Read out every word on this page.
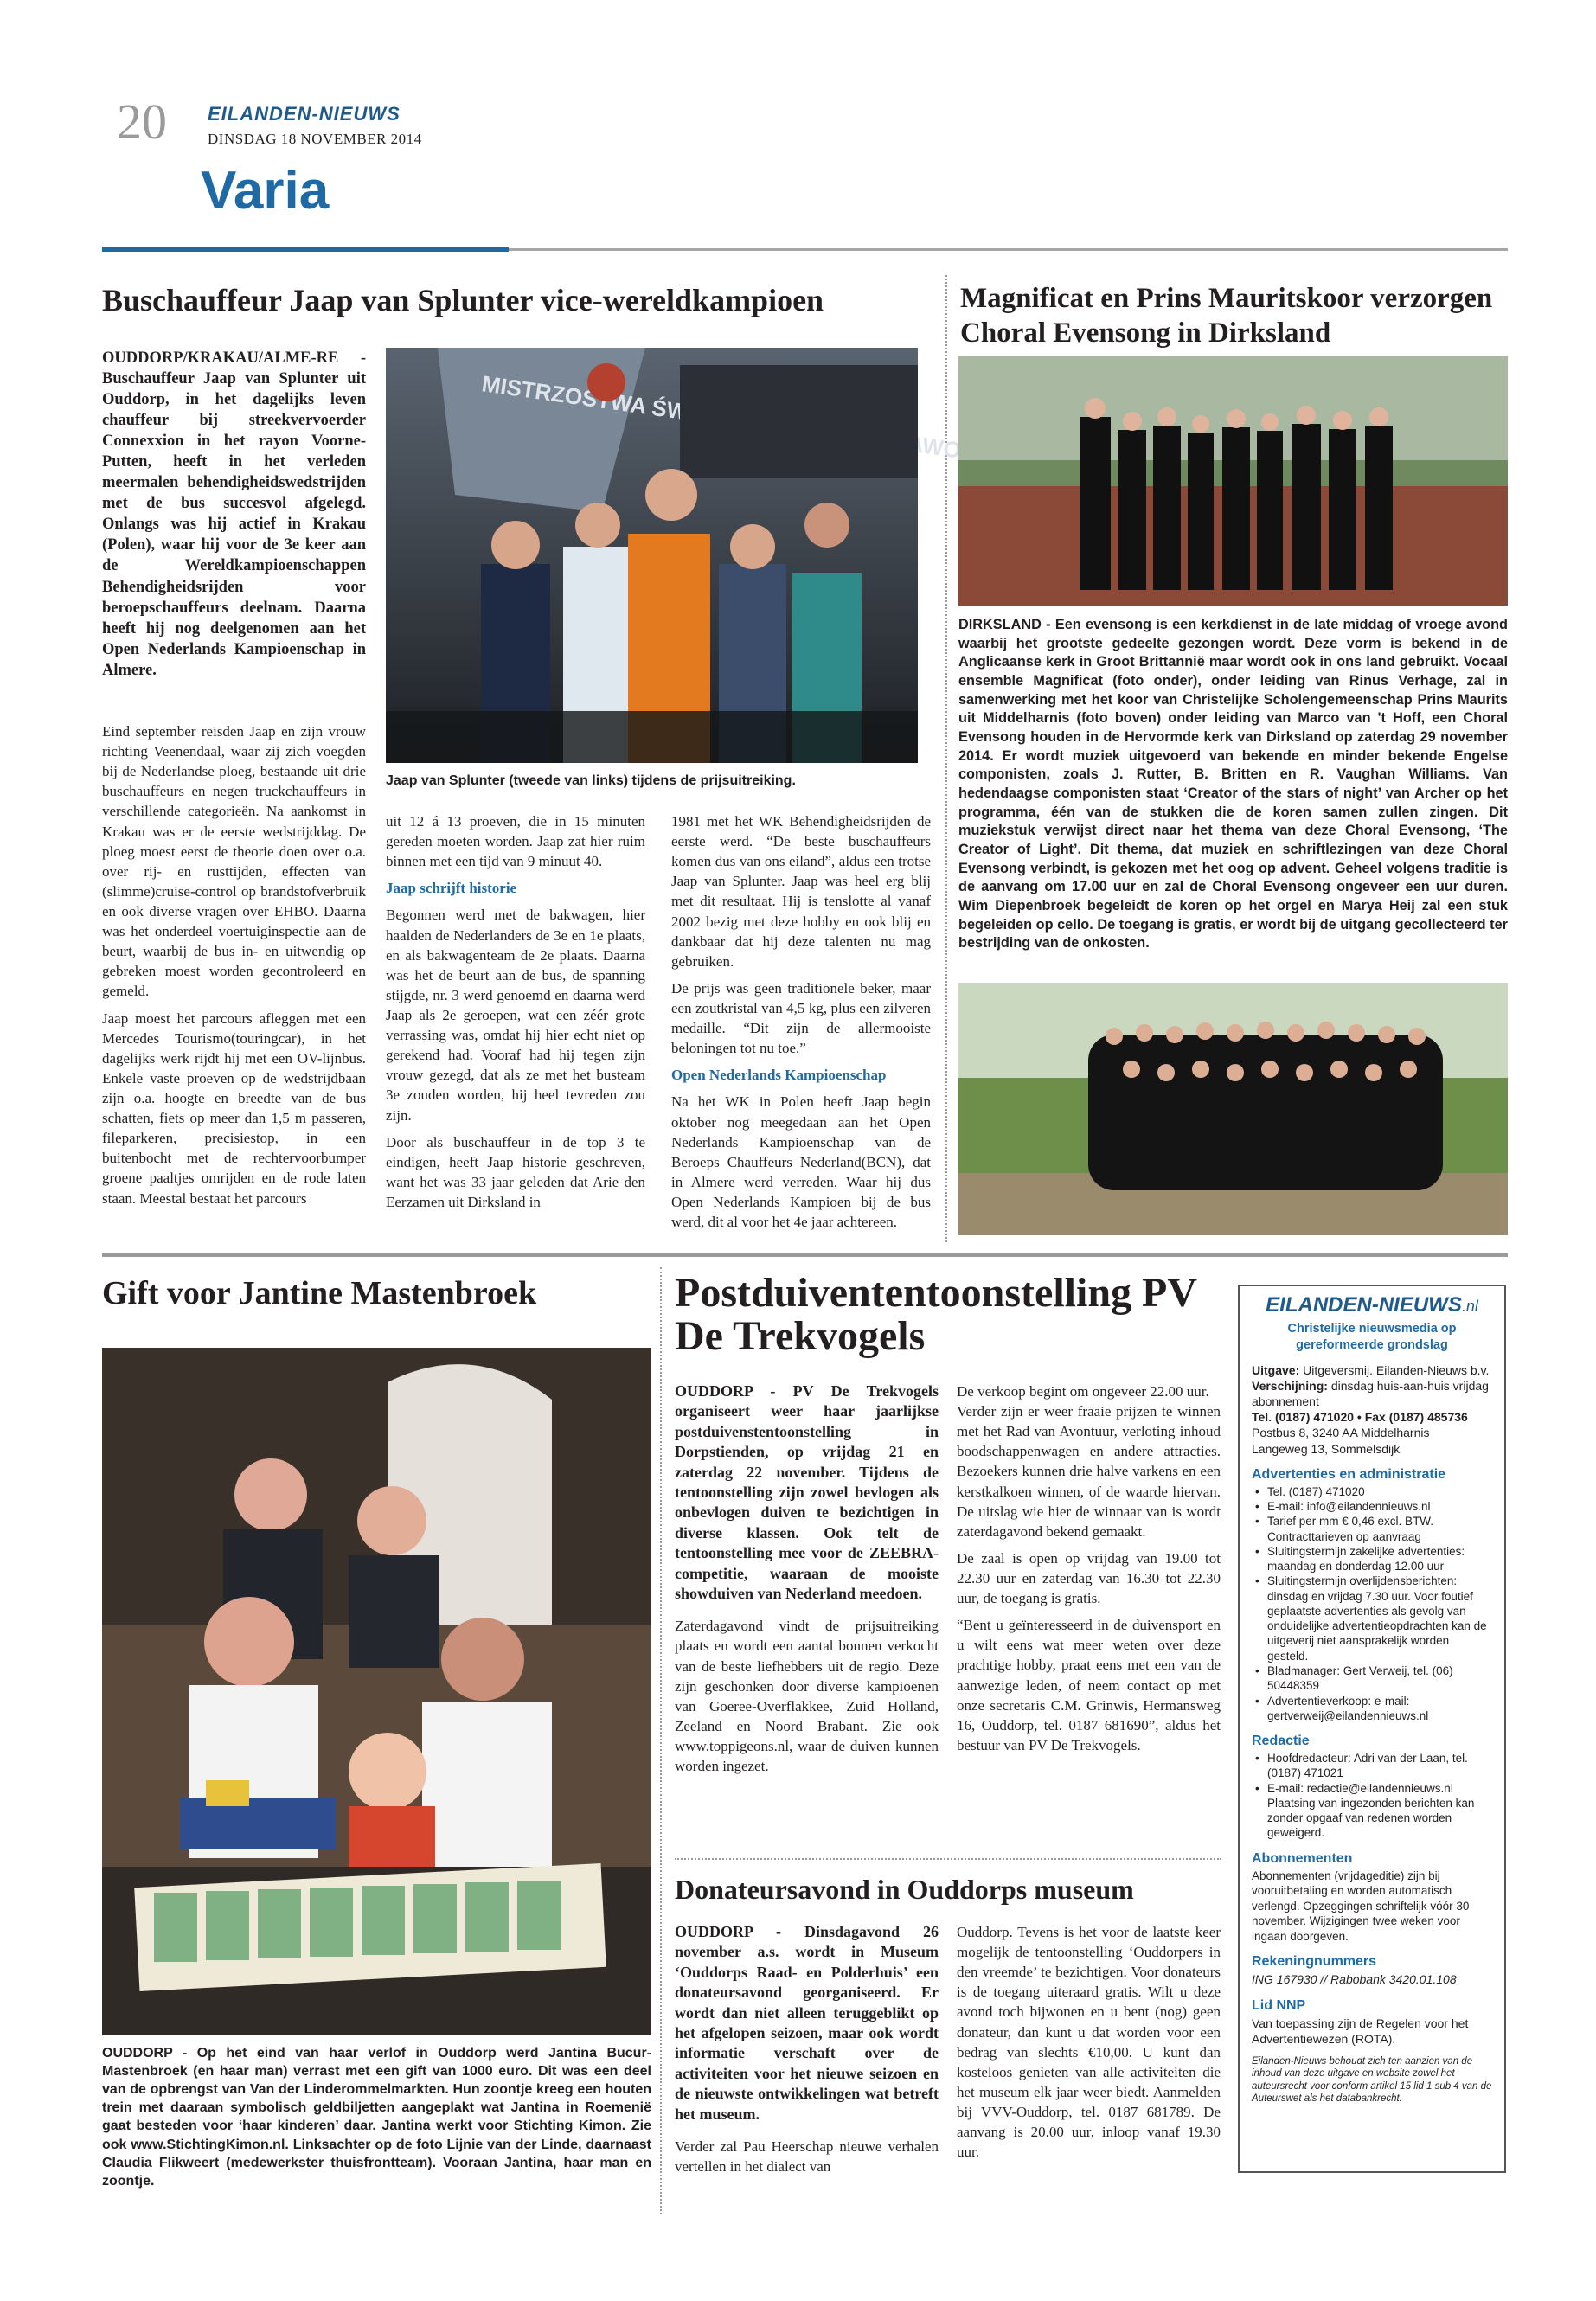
20 EILANDEN-NIEUWS
DINSDAG 18 NOVEMBER 2014
Varia
Buschauffeur Jaap van Splunter vice-wereldkampioen
OUDDORP/KRAKAU/ALME-RE - Buschauffeur Jaap van Splunter uit Ouddorp, in het dagelijks leven chauffeur bij streekvervoerder Connexxion in het rayon Voorne-Putten, heeft in het verleden meermalen behendigheidswedstrijden met de bus succesvol afgelegd. Onlangs was hij actief in Krakau (Polen), waar hij voor de 3e keer aan de Wereldkampioenschappen Behendigheidsrijden voor beroepschauffeurs deelnam. Daarna heeft hij nog deelgenomen aan het Open Nederlands Kampioenschap in Almere.

Eind september reisden Jaap en zijn vrouw richting Veenendaal, waar zij zich voegden bij de Nederlandse ploeg, bestaande uit drie buschauffeurs en negen truckchauffeurs in verschillende categorieën. Na aankomst in Krakau was er de eerste wedstrijddag. De ploeg moest eerst de theorie doen over o.a. over rij- en rusttijden, effecten van (slimme)cruise-control op brandstofverbruik en ook diverse vragen over EHBO. Daarna was het onderdeel voertuiginspectie aan de beurt, waarbij de bus in- en uitwendig op gebreken moest worden gecontroleerd en gemeld.

Jaap moest het parcours afleggen met een Mercedes Tourismo(touringcar), in het dagelijks werk rijdt hij met een OV-lijnbus. Enkele vaste proeven op de wedstrijdbaan zijn o.a. hoogte en breedte van de bus schatten, fiets op meer dan 1,5 m passeren, fileparkeren, precisiestop, in een buitenbocht met de rechtervoorbumper groene paaltjes omrijden en de rode laten staan. Meestal bestaat het parcours

MISTRZOSTWA
Jaap van Splunter (tweede van links) tijdens de prijsuitreiking.

uit 12 á 13 proeven, die in 15 minuten gereden moeten worden. Jaap zat hier ruim binnen met een tijd van 9 minuut 40.

Jaap schrijft historie

Begonnen werd met de bakwagen, hier haalden de Nederlanders de 3e en 1e plaats, en als bakwagenteam de 2e plaats. Daarna was het de beurt aan de bus, de spanning stijgde, nr. 3 werd genoemd en daarna werd Jaap als 2e geroepen, wat een zéér grote verrassing was, omdat hij hier echt niet op gerekend had. Vooraf had hij tegen zijn vrouw gezegd, dat als ze met het busteam 3e zouden worden, hij heel tevreden zou zijn.

Door als buschauffeur in de top 3 te eindigen, heeft Jaap historie geschreven, want het was 33 jaar geleden dat Arie den Eerzamen uit Dirksland in

1981 met het WK Behendigheidsrijden de eerste werd. “De beste buschauffeurs komen dus van ons eiland”, aldus een trotse Jaap van Splunter. Jaap was heel erg blij met dit resultaat. Hij is tenslotte al vanaf 2002 bezig met deze hobby en ook blij en dankbaar dat hij deze talenten nu mag gebruiken.

De prijs was geen traditionele beker, maar een zoutkristal van 4,5 kg, plus een zilveren medaille. “Dit zijn de allermooiste beloningen tot nu toe.”

Open Nederlands Kampioenschap

Na het WK in Polen heeft Jaap begin oktober nog meegedaan aan het Open Nederlands Kampioenschap van de Beroeps Chauffeurs Nederland(BCN), dat in Almere werd verreden. Waar hij dus Open Nederlands Kampioen bij de bus werd, dit al voor het 4e jaar achtereen.

Magnificat en Prins Mauritskoor verzorgen Choral Evensong in Dirksland
DIRKSLAND - Een evensong is een kerkdienst in de late middag of vroege avond waarbij het grootste gedeelte gezongen wordt. Deze vorm is bekend in de Anglicaanse kerk in Groot Brittannië maar wordt ook in ons land gebruikt. Vocaal ensemble Magnificat (foto onder), onder leiding van Rinus Verhage, zal in samenwerking met het koor van Christelijke Scholengemeenschap Prins Maurits uit Middelharnis (foto boven) onder leiding van Marco van 't Hoff, een Choral Evensong houden in de Hervormde kerk van Dirksland op zaterdag 29 november 2014. Er wordt muziek uitgevoerd van bekende en minder bekende Engelse componisten, zoals J. Rutter, B. Britten en R. Vaughan Williams. Van hedendaagse componisten staat ‘Creator of the stars of night’ van Archer op het programma, één van de stukken die de koren samen zullen zingen. Dit muziekstuk verwijst direct naar het thema van deze Choral Evensong, ‘The Creator of Light’. Dit thema, dat muziek en schriftlezingen van deze Choral Evensong verbindt, is gekozen met het oog op advent. Geheel volgens traditie is de aanvang om 17.00 uur en zal de Choral Evensong ongeveer een uur duren. Wim Diepenbroek begeleidt de koren op het orgel en Marya Heij zal een stuk begeleiden op cello. De toegang is gratis, er wordt bij de uitgang gecollecteerd ter bestrijding van de onkosten.
Gift voor Jantine Mastenbroek
OUDDORP - Op het eind van haar verlof in Ouddorp werd Jantina Bucur-Mastenbroek (en haar man) verrast met een gift van 1000 euro. Dit was een deel van de opbrengst van Van der Linderommelmarkten. Hun zoontje kreeg een houten trein met daaraan symbolisch geldbiljetten aangeplakt wat Jantina in Roemenië gaat besteden voor ‘haar kinderen’ daar. Jantina werkt voor Stichting Kimon. Zie ook www.StichtingKimon.nl. Linksachter op de foto Lijnie van der Linde, daarnaast Claudia Flikweert (medewerkster thuisfrontteam). Vooraan Jantina, haar man en zoontje.
Postduivententoonstelling PV De Trekvogels

OUDDORP - PV De Trekvogels organiseert weer haar jaarlijkse postduivenstentoonstelling in Dorpstienden, op vrijdag 21 en zaterdag 22 november. Tijdens de tentoonstelling zijn zowel bevlogen als onbevlogen duiven te bezichtigen in diverse klassen. Ook telt de tentoonstelling mee voor de ZEEBRA-competitie, waaraan de mooiste showduiven van Nederland meedoen.

Zaterdagavond vindt de prijsuitreiking plaats en wordt een aantal bonnen verkocht van de beste liefhebbers uit de regio. Deze zijn geschonken door diverse kampioenen van Goeree-Overflakkee, Zuid Holland, Zeeland en Noord Brabant. Zie ook www.toppigeons.nl, waar de duiven kunnen worden ingezet.

De verkoop begint om ongeveer 22.00 uur.

Verder zijn er weer fraaie prijzen te winnen met het Rad van Avontuur, verloting inhoud boodschappenwagen en andere attracties. Bezoekers kunnen drie halve varkens en een kerstkalkoen winnen, of de waarde hiervan. De uitslag wie hier de winnaar van is wordt zaterdagavond bekend gemaakt.

De zaal is open op vrijdag van 19.00 tot 22.30 uur en zaterdag van 16.30 tot 22.30 uur, de toegang is gratis.

“Bent u geïnteresseerd in de duivensport en u wilt eens wat meer weten over deze prachtige hobby, praat eens met een van de aanwezige leden, of neem contact op met onze secretaris C.M. Grinwis, Hermansweg 16, Ouddorp, tel. 0187 681690”, aldus het bestuur van PV De Trekvogels.

Donateursavond in Ouddorps museum

OUDDORP - Dinsdagavond 26 november a.s. wordt in Museum ‘Ouddorps Raad- en Polderhuis’ een donateursavond georganiseerd. Er wordt dan niet alleen teruggeblikt op het afgelopen seizoen, maar ook wordt informatie verschaft over de activiteiten voor het nieuwe seizoen en de nieuwste ontwikkelingen wat betreft het museum.

Verder zal Pau Heerschap nieuwe verhalen vertellen in het dialect van

Ouddorp. Tevens is het voor de laatste keer mogelijk de tentoonstelling ‘Ouddorpers in den vreemde’ te bezichtigen. Voor donateurs is de toegang uiteraard gratis. Wilt u deze avond toch bijwonen en u bent (nog) geen donateur, dan kunt u dat worden voor een bedrag van slechts €10,00. U kunt dan kosteloos genieten van alle activiteiten die het museum elk jaar weer biedt. Aanmelden bij VVV-Ouddorp, tel. 0187 681789. De aanvang is 20.00 uur, inloop vanaf 19.30 uur.

EILANDEN-NIEUWS.nl
Christelijke nieuwsmedia op gereformeerde grondslag
Uitgave: Uitgeversmij. Eilanden-Nieuws b.v.
Verschijning: dinsdag huis-aan-huis vrijdag abonnement
Tel. (0187) 471020 • Fax (0187) 485736
Postbus 8, 3240 AA Middelharnis
Langeweg 13, Sommelsdijk
Advertenties en administratie
• Tel. (0187) 471020
• E-mail: info@eilandennieuws.nl
• Tarief per mm € 0,46 excl. BTW. Contracttarieven op aanvraag
• Sluitingstermijn zakelijke advertenties: maandag en donderdag 12.00 uur
• Sluitingstermijn overlijdensberichten: dinsdag en vrijdag 7.30 uur. Voor foutief geplaatste advertenties als gevolg van onduidelijke advertentieopdrachten kan de uitgeverij niet aansprakelijk worden gesteld.
• Bladmanager: Gert Verweij, tel. (06) 50448359
• Advertentieverkoop: e-mail: gertverweij@eilandennieuws.nl
Redactie
• Hoofdredacteur: Adri van der Laan, tel. (0187) 471021
• E-mail: redactie@eilandennieuws.nl Plaatsing van ingezonden berichten kan zonder opgaaf van redenen worden geweigerd.
Abonnementen
Abonnementen (vrijdageditie) zijn bij vooruitbetaling en worden automatisch verlengd. Opzeggingen schriftelijk vóór 30 november. Wijzigingen twee weken voor ingaan doorgeven.
Rekeningnummers
ING 167930 // Rabobank 3420.01.108
Lid NNP
Van toepassing zijn de Regelen voor het Advertentiewezen (ROTA).
Eilanden-Nieuws behoudt zich ten aanzien van de inhoud van deze uitgave en website zowel het auteursrecht voor conform artikel 15 lid 1 sub 4 van de Auteurswet als het databankrecht.
